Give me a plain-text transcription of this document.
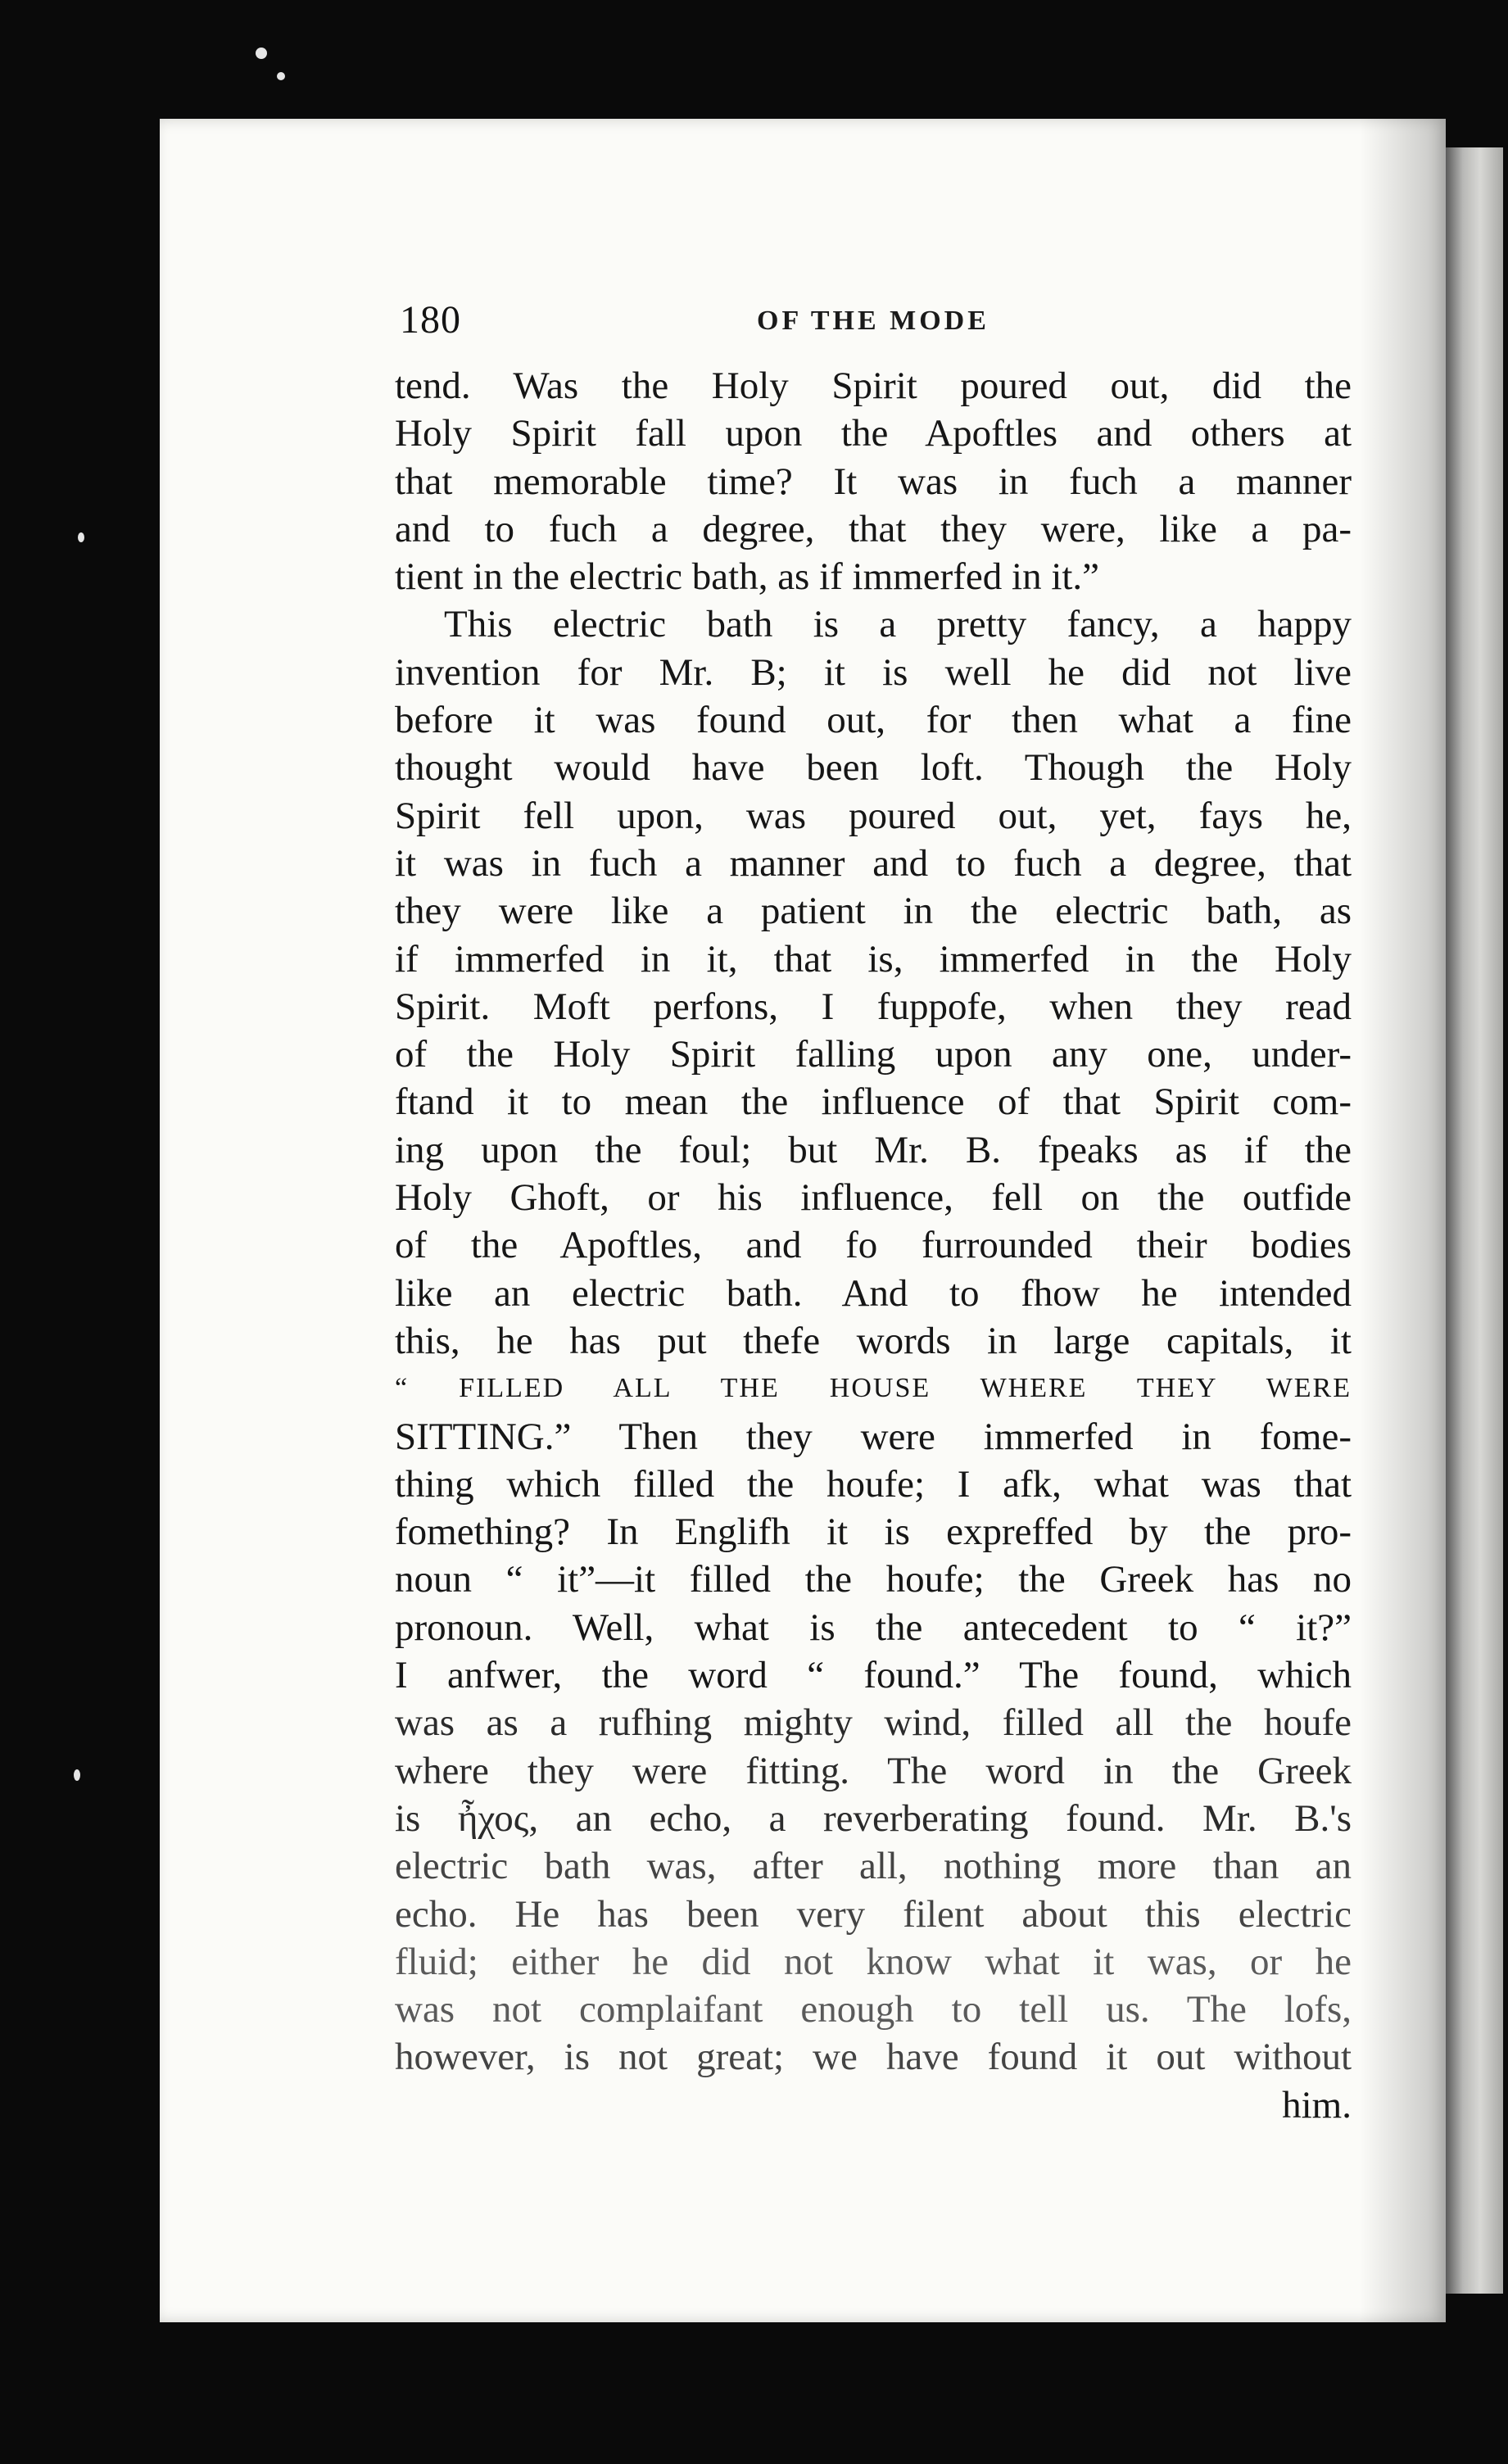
180	OF THE MODE
tend. Was the Holy Spirit poured out, did the
Holy Spirit fall upon the Apoftles and others at
that memorable time? It was in fuch a manner
and to fuch a degree, that they were, like a pa-
tient in the electric bath, as if immerfed in it.”
This electric bath is a pretty fancy, a happy
invention for Mr. B; it is well he did not live
before it was found out, for then what a fine
thought would have been loft. Though the Holy
Spirit fell upon, was poured out, yet, fays he,
it was in fuch a manner and to fuch a degree, that
they were like a patient in the electric bath, as
if immerfed in it, that is, immerfed in the Holy
Spirit. Moft perfons, I fuppofe, when they read
of the Holy Spirit falling upon any one, under-
ftand it to mean the influence of that Spirit com-
ing upon the foul; but Mr. B. fpeaks as if the
Holy Ghoft, or his influence, fell on the outfide
of the Apoftles, and fo furrounded their bodies
like an electric bath. And to fhow he intended
this, he has put thefe words in large capitals, it
“ FILLED ALL THE HOUSE WHERE THEY WERE
SITTING.” Then they were immerfed in fome-
thing which filled the houfe; I afk, what was that
fomething? In Englifh it is expreffed by the pro-
noun “ it”—it filled the houfe; the Greek has no
pronoun. Well, what is the antecedent to “ it?”
I anfwer, the word “ found.” The found, which
was as a rufhing mighty wind, filled all the houfe
where they were fitting. The word in the Greek
is ἦχος, an echo, a reverberating found. Mr. B.'s
electric bath was, after all, nothing more than an
echo. He has been very filent about this electric
fluid; either he did not know what it was, or he
was not complaifant enough to tell us. The lofs,
however, is not great; we have found it out without
him.
